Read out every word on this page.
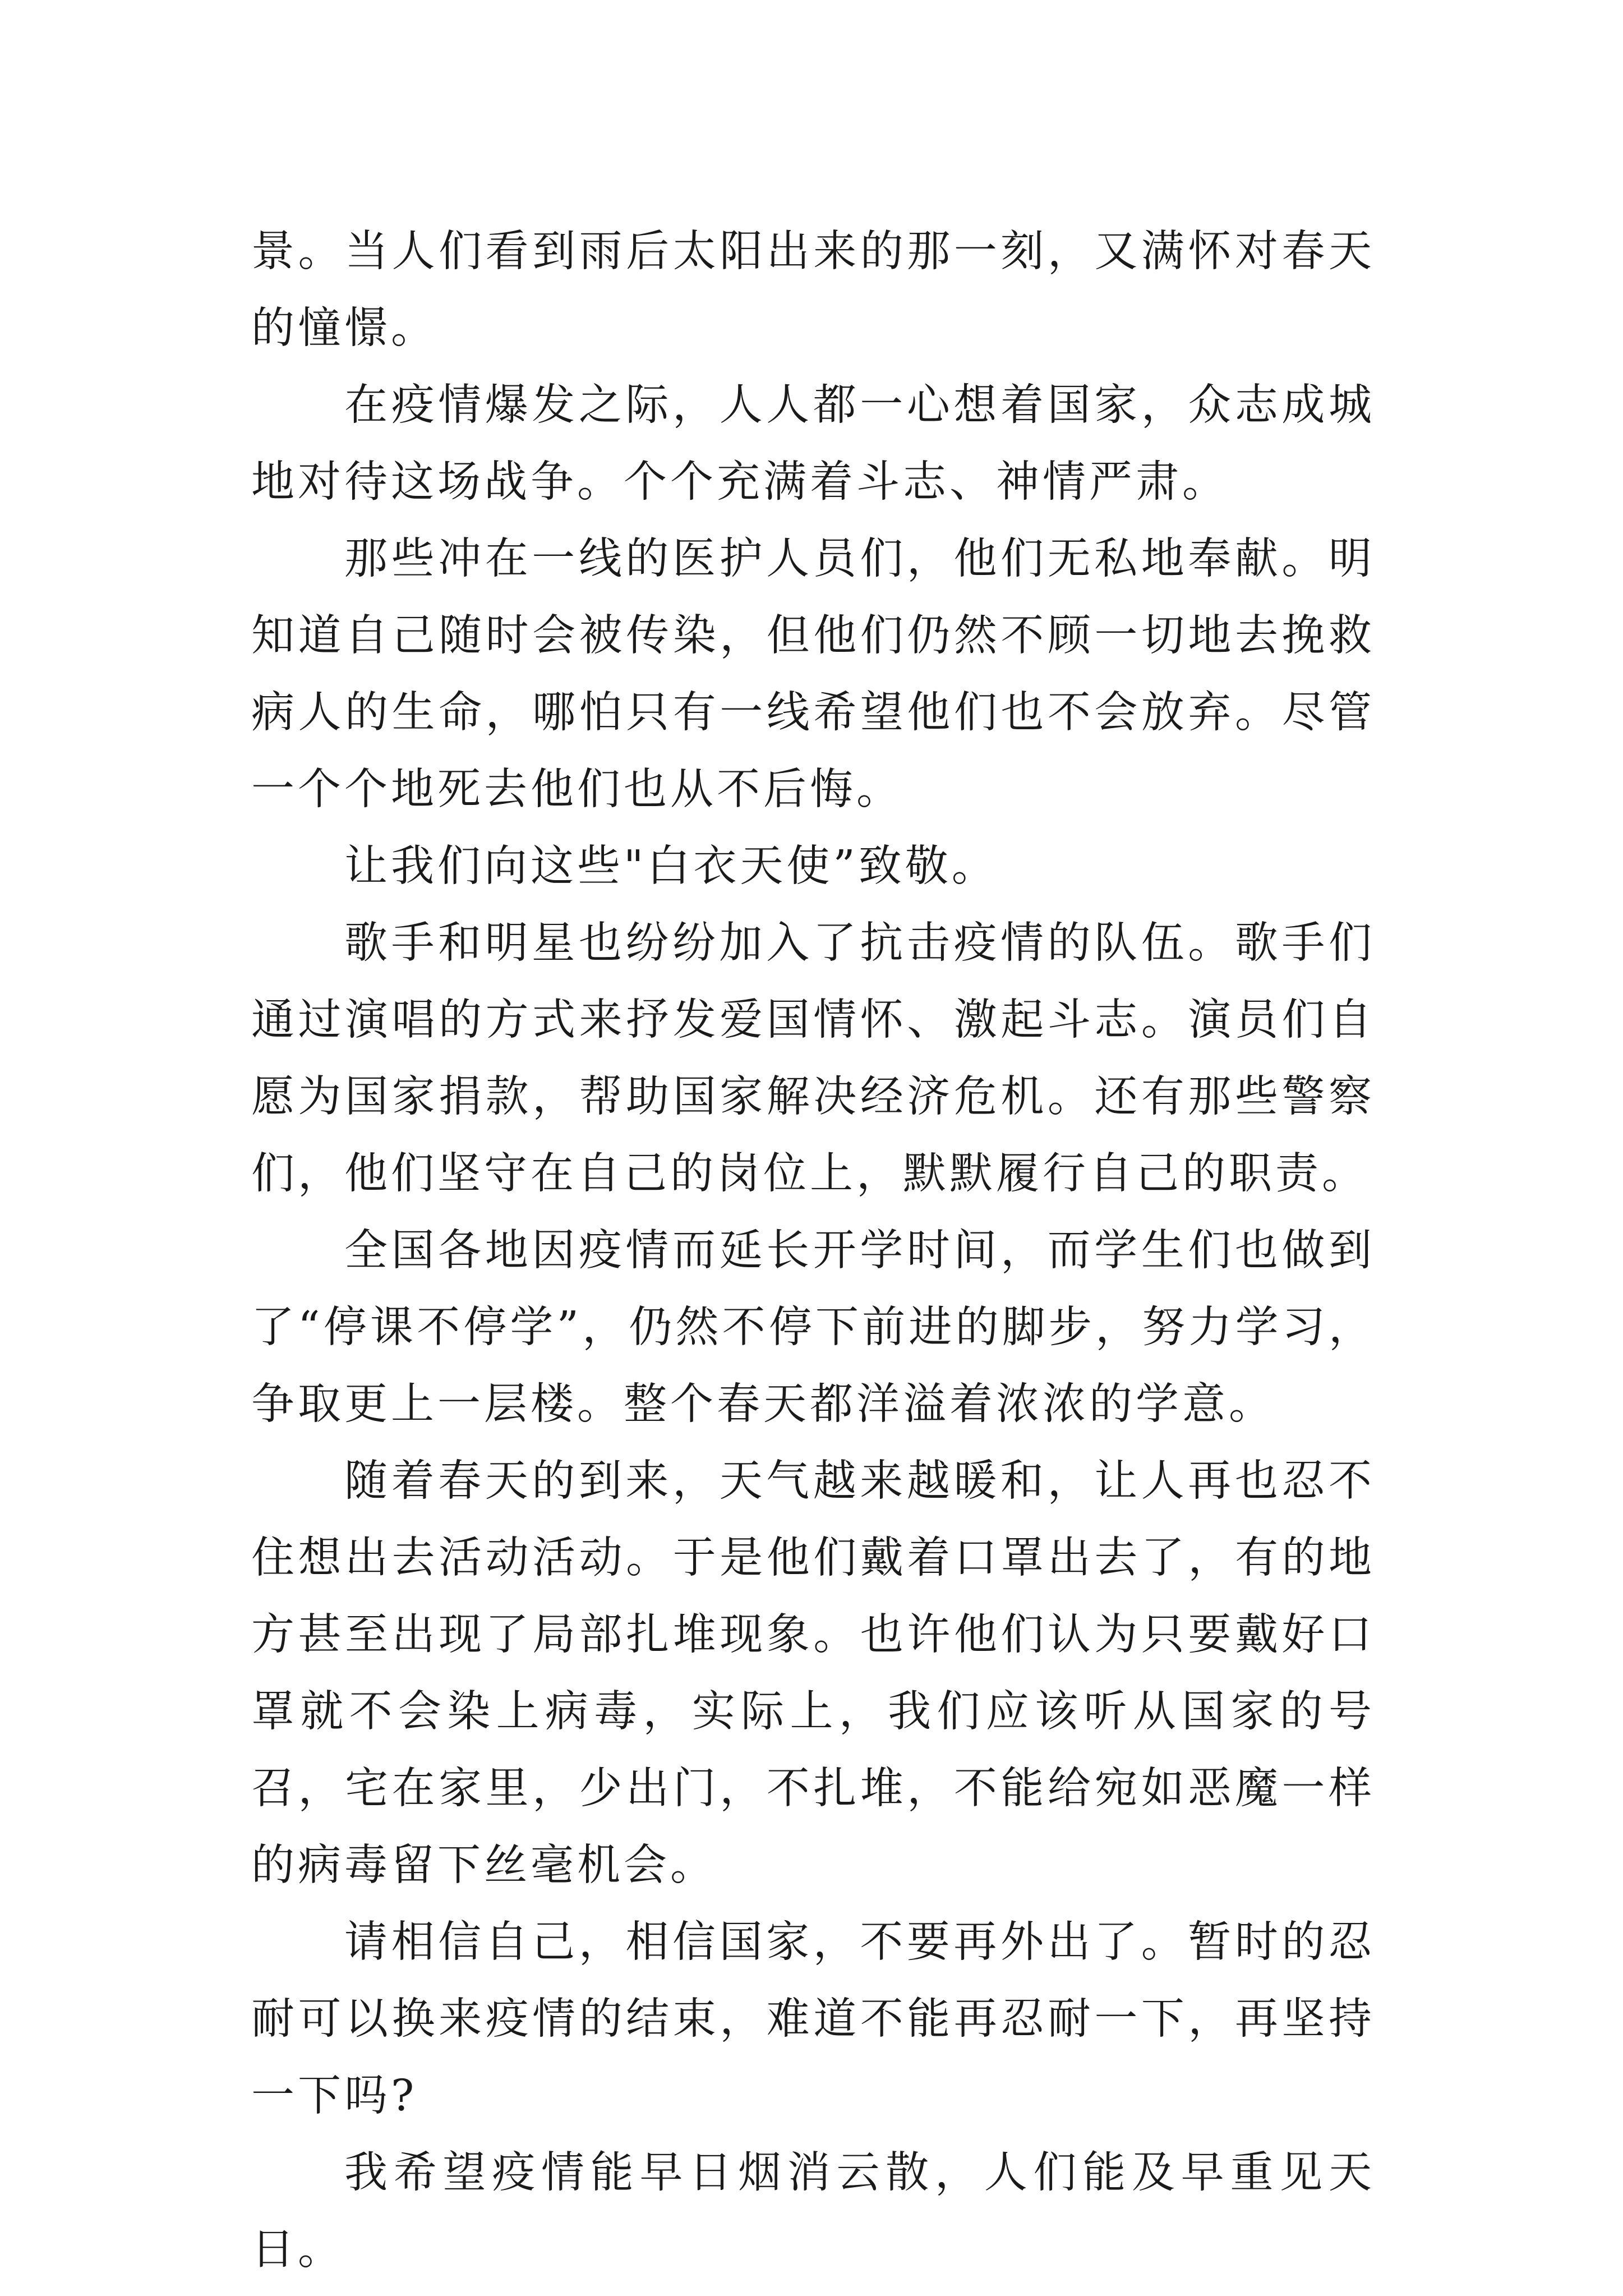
景。当人们看到雨后太阳出来的那一刻，又满怀对春天的憧憬。

在疫情爆发之际，人人都一心想着国家，众志成城地对待这场战争。个个充满着斗志、神情严肃。

那些冲在一线的医护人员们，他们无私地奉献。明知道自己随时会被传染，但他们仍然不顾一切地去挽救病人的生命，哪怕只有一线希望他们也不会放弃。尽管一个个地死去他们也从不后悔。

让我们向这些"白衣天使”致敬。

歌手和明星也纷纷加入了抗击疫情的队伍。歌手们通过演唱的方式来抒发爱国情怀、激起斗志。演员们自愿为国家捐款，帮助国家解决经济危机。还有那些警察们，他们坚守在自己的岗位上，默默履行自己的职责。

全国各地因疫情而延长开学时间，而学生们也做到了“停课不停学”，仍然不停下前进的脚步，努力学习，争取更上一层楼。整个春天都洋溢着浓浓的学意。

随着春天的到来，天气越来越暖和，让人再也忍不住想出去活动活动。于是他们戴着口罩出去了，有的地方甚至出现了局部扎堆现象。也许他们认为只要戴好口罩就不会染上病毒，实际上，我们应该听从国家的号召，宅在家里，少出门，不扎堆，不能给宛如恶魔一样的病毒留下丝毫机会。

请相信自己，相信国家，不要再外出了。暂时的忍耐可以换来疫情的结束，难道不能再忍耐一下，再坚持一下吗?

我希望疫情能早日烟消云散，人们能及早重见天日。
